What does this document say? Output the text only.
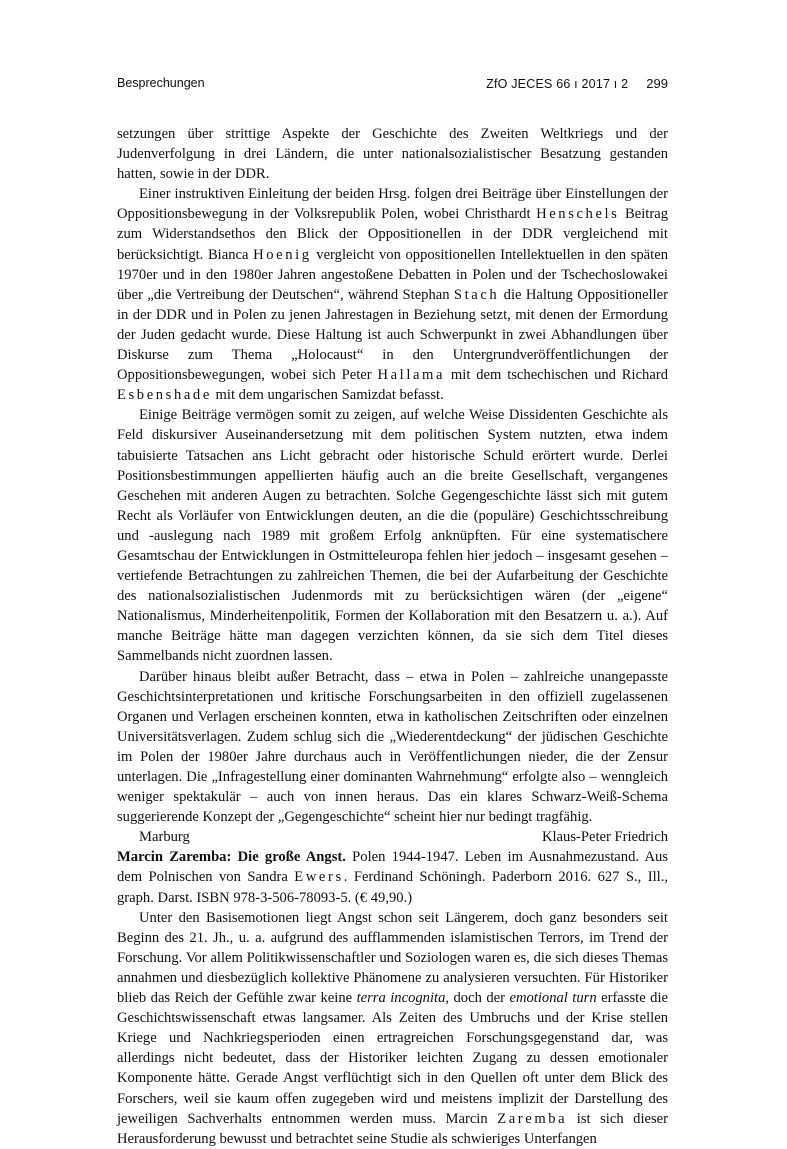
Besprechungen	ZfO JECES 66 ı 2017 ı 2 299

setzungen über strittige Aspekte der Geschichte des Zweiten Weltkriegs und der Judenverfolgung in drei Ländern, die unter nationalsozialistischer Besatzung gestanden hatten, sowie in der DDR.

Einer instruktiven Einleitung der beiden Hrsg. folgen drei Beiträge über Einstellungen der Oppositionsbewegung in der Volksrepublik Polen, wobei Christhardt Henschels Beitrag zum Widerstandsethos den Blick der Oppositionellen in der DDR vergleichend mit berücksichtigt. Bianca Hoenig vergleicht von oppositionellen Intellektuellen in den späten 1970er und in den 1980er Jahren angestoßene Debatten in Polen und der Tschechoslowakei über „die Vertreibung der Deutschen“, während Stephan Stach die Haltung Oppositioneller in der DDR und in Polen zu jenen Jahrestagen in Beziehung setzt, mit denen der Ermordung der Juden gedacht wurde. Diese Haltung ist auch Schwerpunkt in zwei Abhandlungen über Diskurse zum Thema „Holocaust“ in den Untergrundveröffentlichungen der Oppositionsbewegungen, wobei sich Peter Hallama mit dem tschechischen und Richard Esbenshade mit dem ungarischen Samizdat befasst.

Einige Beiträge vermögen somit zu zeigen, auf welche Weise Dissidenten Geschichte als Feld diskursiver Auseinandersetzung mit dem politischen System nutzten, etwa indem tabuisierte Tatsachen ans Licht gebracht oder historische Schuld erörtert wurde. Derlei Positionsbestimmungen appellierten häufig auch an die breite Gesellschaft, vergangenes Geschehen mit anderen Augen zu betrachten. Solche Gegengeschichte lässt sich mit gutem Recht als Vorläufer von Entwicklungen deuten, an die die (populäre) Geschichtsschreibung und -auslegung nach 1989 mit großem Erfolg anknüpften. Für eine systematischere Gesamtschau der Entwicklungen in Ostmitteleuropa fehlen hier jedoch – insgesamt gesehen – vertiefende Betrachtungen zu zahlreichen Themen, die bei der Aufarbeitung der Geschichte des nationalsozialistischen Judenmords mit zu berücksichtigen wären (der „eigene“ Nationalismus, Minderheitenpolitik, Formen der Kollaboration mit den Besatzern u. a.). Auf manche Beiträge hätte man dagegen verzichten können, da sie sich dem Titel dieses Sammelbands nicht zuordnen lassen.

Darüber hinaus bleibt außer Betracht, dass – etwa in Polen – zahlreiche unangepasste Geschichtsinterpretationen und kritische Forschungsarbeiten in den offiziell zugelassenen Organen und Verlagen erscheinen konnten, etwa in katholischen Zeitschriften oder einzelnen Universitätsverlagen. Zudem schlug sich die „Wiederentdeckung“ der jüdischen Geschichte im Polen der 1980er Jahre durchaus auch in Veröffentlichungen nieder, die der Zensur unterlagen. Die „Infragestellung einer dominanten Wahrnehmung“ erfolgte also – wenngleich weniger spektakulär – auch von innen heraus. Das ein klares Schwarz-Weiß-Schema suggerierende Konzept der „Gegengeschichte“ scheint hier nur bedingt tragfähig.

Marburg	Klaus-Peter Friedrich

Marcin Zaremba: Die große Angst. Polen 1944-1947. Leben im Ausnahmezustand. Aus dem Polnischen von Sandra Ewers. Ferdinand Schöningh. Paderborn 2016. 627 S., Ill., graph. Darst. ISBN 978-3-506-78093-5. (€ 49,90.)

Unter den Basisemotionen liegt Angst schon seit Längerem, doch ganz besonders seit Beginn des 21. Jh., u. a. aufgrund des aufflammenden islamistischen Terrors, im Trend der Forschung. Vor allem Politikwissenschaftler und Soziologen waren es, die sich dieses Themas annahmen und diesbezüglich kollektive Phänomene zu analysieren versuchten. Für Historiker blieb das Reich der Gefühle zwar keine terra incognita, doch der emotional turn erfasste die Geschichtswissenschaft etwas langsamer. Als Zeiten des Umbruchs und der Krise stellen Kriege und Nachkriegsperioden einen ertragreichen Forschungsgegenstand dar, was allerdings nicht bedeutet, dass der Historiker leichten Zugang zu dessen emotionaler Komponente hätte. Gerade Angst verflüchtigt sich in den Quellen oft unter dem Blick des Forschers, weil sie kaum offen zugegeben wird und meistens implizit der Darstellung des jeweiligen Sachverhalts entnommen werden muss. Marcin Zaremba ist sich dieser Herausforderung bewusst und betrachtet seine Studie als schwieriges Unterfangen
